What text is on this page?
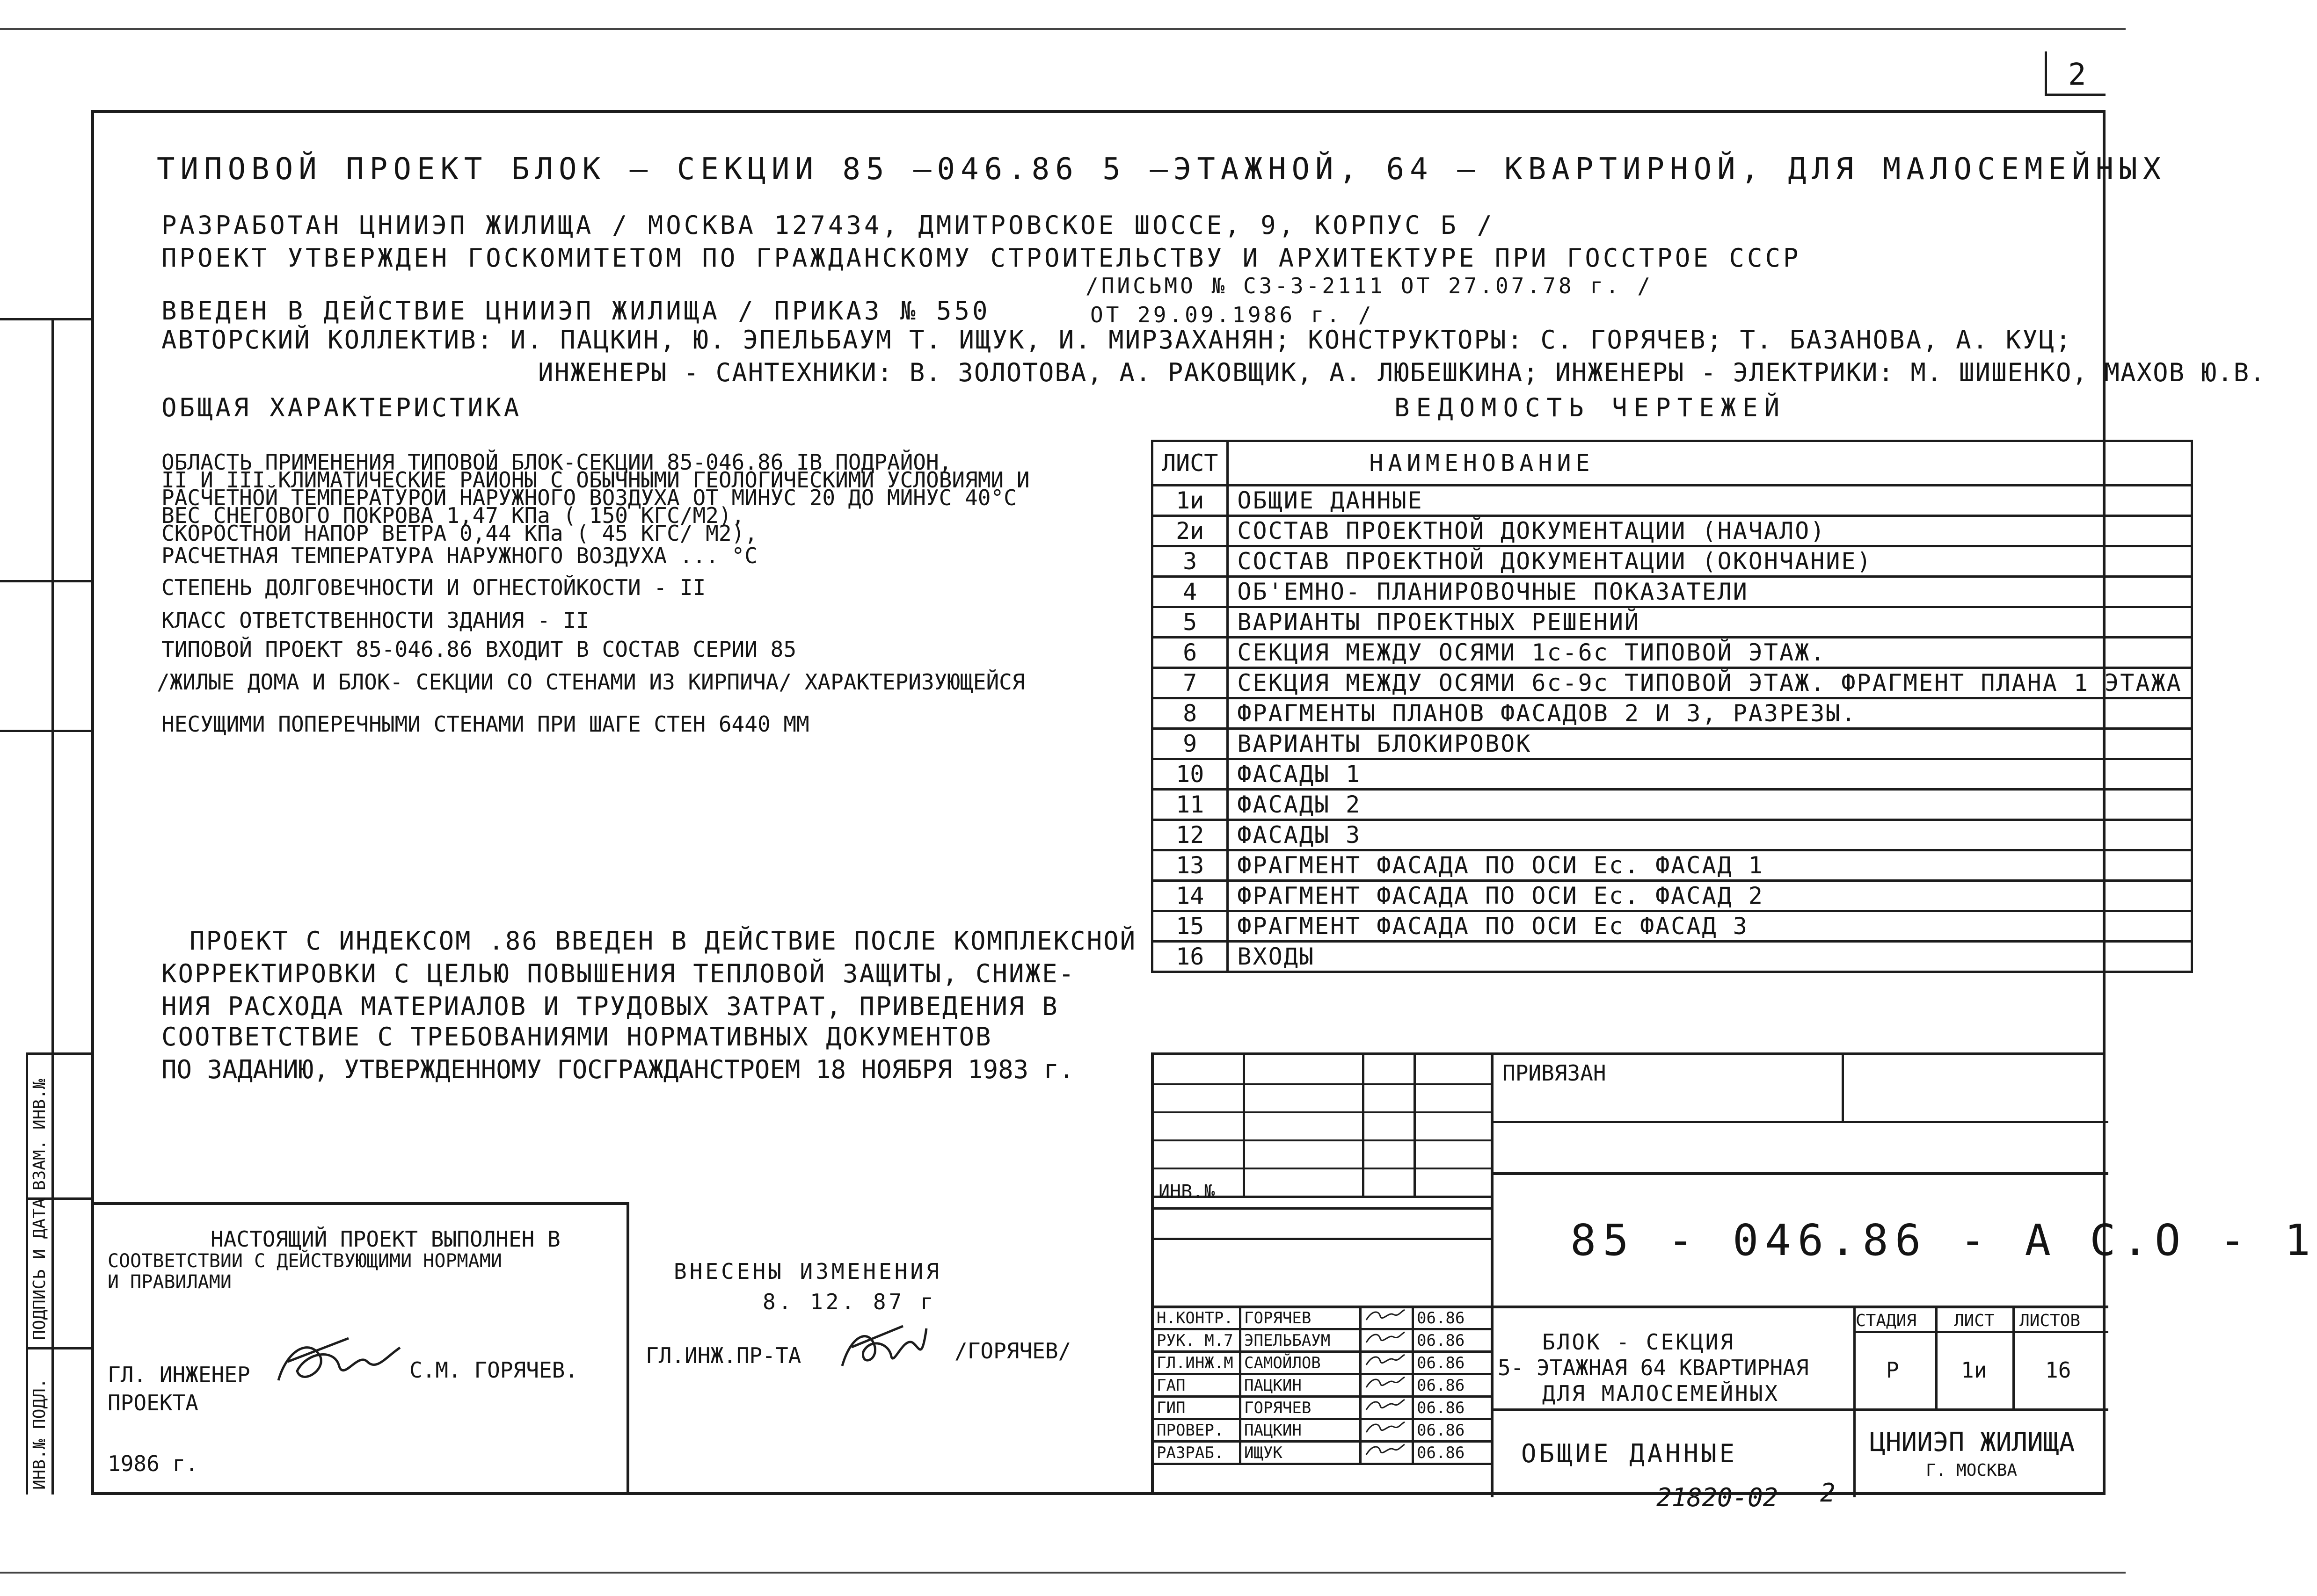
2
ВЗАМ. ИНВ.№
ПОДПИСЬ И ДАТА
ИНВ.№ ПОДЛ.
ТИПОВОЙ ПРОЕКТ БЛОК — СЕКЦИИ 85 —046.86 5 —ЭТАЖНОЙ, 64 — КВАРТИРНОЙ, ДЛЯ МАЛОСЕМЕЙНЫХ
РАЗРАБОТАН ЦНИИЭП ЖИЛИЩА / МОСКВА 127434, ДМИТРОВСКОЕ ШОССЕ, 9, КОРПУС Б /
ПРОЕКТ УТВЕРЖДЕН ГОСКОМИТЕТОМ ПО ГРАЖДАНСКОМУ СТРОИТЕЛЬСТВУ И АРХИТЕКТУРЕ ПРИ ГОССТРОЕ СССР
/ПИСЬМО № СЗ-3-2111 ОТ 27.07.78 г. /
ВВЕДЕН В ДЕЙСТВИЕ ЦНИИЭП ЖИЛИЩА / ПРИКАЗ № 550	ОТ 29.09.1986 г. /
АВТОРСКИЙ КОЛЛЕКТИВ: И. ПАЦКИН, Ю. ЭПЕЛЬБАУМ Т. ИЩУК, И. МИРЗАХАНЯН; КОНСТРУКТОРЫ: С. ГОРЯЧЕВ; Т. БАЗАНОВА, А. КУЦ;
ИНЖЕНЕРЫ - САНТЕХНИКИ: В. ЗОЛОТОВА, А. РАКОВЩИК, А. ЛЮБЕШКИНА; ИНЖЕНЕРЫ - ЭЛЕКТРИКИ: М. ШИШЕНКО, МАХОВ Ю.В.
ОБЩАЯ ХАРАКТЕРИСТИКА
ОБЛАСТЬ ПРИМЕНЕНИЯ ТИПОВОЙ БЛОК-СЕКЦИИ 85-046.86 IВ ПОДРАЙОН,
II И III КЛИМАТИЧЕСКИЕ РАЙОНЫ С ОБЫЧНЫМИ ГЕОЛОГИЧЕСКИМИ УСЛОВИЯМИ И
РАСЧЕТНОЙ ТЕМПЕРАТУРОЙ НАРУЖНОГО ВОЗДУХА ОТ МИНУС 20 ДО МИНУС 40°С
ВЕС СНЕГОВОГО ПОКРОВА 1,47 КПа ( 150 КГС/М2),
СКОРОСТНОЙ НАПОР ВЕТРА 0,44 КПа ( 45 КГС/ М2),
РАСЧЕТНАЯ ТЕМПЕРАТУРА НАРУЖНОГО ВОЗДУХА ... °С
СТЕПЕНЬ ДОЛГОВЕЧНОСТИ И ОГНЕСТОЙКОСТИ - II
КЛАСС ОТВЕТСТВЕННОСТИ ЗДАНИЯ - II
ТИПОВОЙ ПРОЕКТ 85-046.86 ВХОДИТ В СОСТАВ СЕРИИ 85
/ЖИЛЫЕ ДОМА И БЛОК- СЕКЦИИ СО СТЕНАМИ ИЗ КИРПИЧА/ ХАРАКТЕРИЗУЮЩЕЙСЯ
НЕСУЩИМИ ПОПЕРЕЧНЫМИ СТЕНАМИ ПРИ ШАГЕ СТЕН 6440 ММ
ПРОЕКТ С ИНДЕКСОМ .86 ВВЕДЕН В ДЕЙСТВИЕ ПОСЛЕ КОМПЛЕКСНОЙ
КОРРЕКТИРОВКИ С ЦЕЛЬЮ ПОВЫШЕНИЯ ТЕПЛОВОЙ ЗАЩИТЫ, СНИЖЕ-
НИЯ РАСХОДА МАТЕРИАЛОВ И ТРУДОВЫХ ЗАТРАТ, ПРИВЕДЕНИЯ В
СООТВЕТСТВИЕ С ТРЕБОВАНИЯМИ НОРМАТИВНЫХ ДОКУМЕНТОВ
ПО ЗАДАНИЮ, УТВЕРЖДЕННОМУ ГОСГРАЖДАНСТРОЕМ 18 НОЯБРЯ 1983 г.
НАСТОЯЩИЙ ПРОЕКТ ВЫПОЛНЕН В
СООТВЕТСТВИИ С ДЕЙСТВУЮЩИМИ НОРМАМИ
И ПРАВИЛАМИ
ГЛ. ИНЖЕНЕР
ПРОЕКТА
С.М. ГОРЯЧЕВ.
1986 г.
ВНЕСЕНЫ ИЗМЕНЕНИЯ
8. 12. 87 г
ГЛ.ИНЖ.ПР-ТА	/ГОРЯЧЕВ/
ВЕДОМОСТЬ ЧЕРТЕЖЕЙ
ЛИСТ	НАИМЕНОВАНИЕ
1и	ОБЩИЕ ДАННЫЕ
2и	СОСТАВ ПРОЕКТНОЙ ДОКУМЕНТАЦИИ (НАЧАЛО)
3	СОСТАВ ПРОЕКТНОЙ ДОКУМЕНТАЦИИ (ОКОНЧАНИЕ)
4	ОБ'ЕМНО- ПЛАНИРОВОЧНЫЕ ПОКАЗАТЕЛИ
5	ВАРИАНТЫ ПРОЕКТНЫХ РЕШЕНИЙ
6	СЕКЦИЯ МЕЖДУ ОСЯМИ 1с-6с ТИПОВОЙ ЭТАЖ.
7	СЕКЦИЯ МЕЖДУ ОСЯМИ 6с-9с ТИПОВОЙ ЭТАЖ. ФРАГМЕНТ ПЛАНА 1 ЭТАЖА
8	ФРАГМЕНТЫ ПЛАНОВ ФАСАДОВ 2 И 3, РАЗРЕЗЫ.
9	ВАРИАНТЫ БЛОКИРОВОК
10	ФАСАДЫ 1
11	ФАСАДЫ 2
12	ФАСАДЫ 3
13	ФРАГМЕНТ ФАСАДА ПО ОСИ Ес. ФАСАД 1
14	ФРАГМЕНТ ФАСАДА ПО ОСИ Ес. ФАСАД 2
15	ФРАГМЕНТ ФАСАДА ПО ОСИ Ес ФАСАД 3
16	ВХОДЫ
ИНВ.№
ПРИВЯЗАН
85 - 046.86 - А С.О - 1
Н.КОНТР.	ГОРЯЧЕВ		06.86
РУК. М.7	ЭПЕЛЬБАУМ		06.86
ГЛ.ИНЖ.М	САМОЙЛОВ		06.86
ГАП	ПАЦКИН		06.86
ГИП	ГОРЯЧЕВ		06.86
ПРОВЕР.	ПАЦКИН		06.86
РАЗРАБ.	ИЩУК		06.86
БЛОК - СЕКЦИЯ
5- ЭТАЖНАЯ 64 КВАРТИРНАЯ
ДЛЯ МАЛОСЕМЕЙНЫХ
ОБЩИЕ ДАННЫЕ
СТАДИЯ ЛИСТ ЛИСТОВ
Р	1и	16
ЦНИИЭП ЖИЛИЩА
Г. МОСКВА
21820-02 2
